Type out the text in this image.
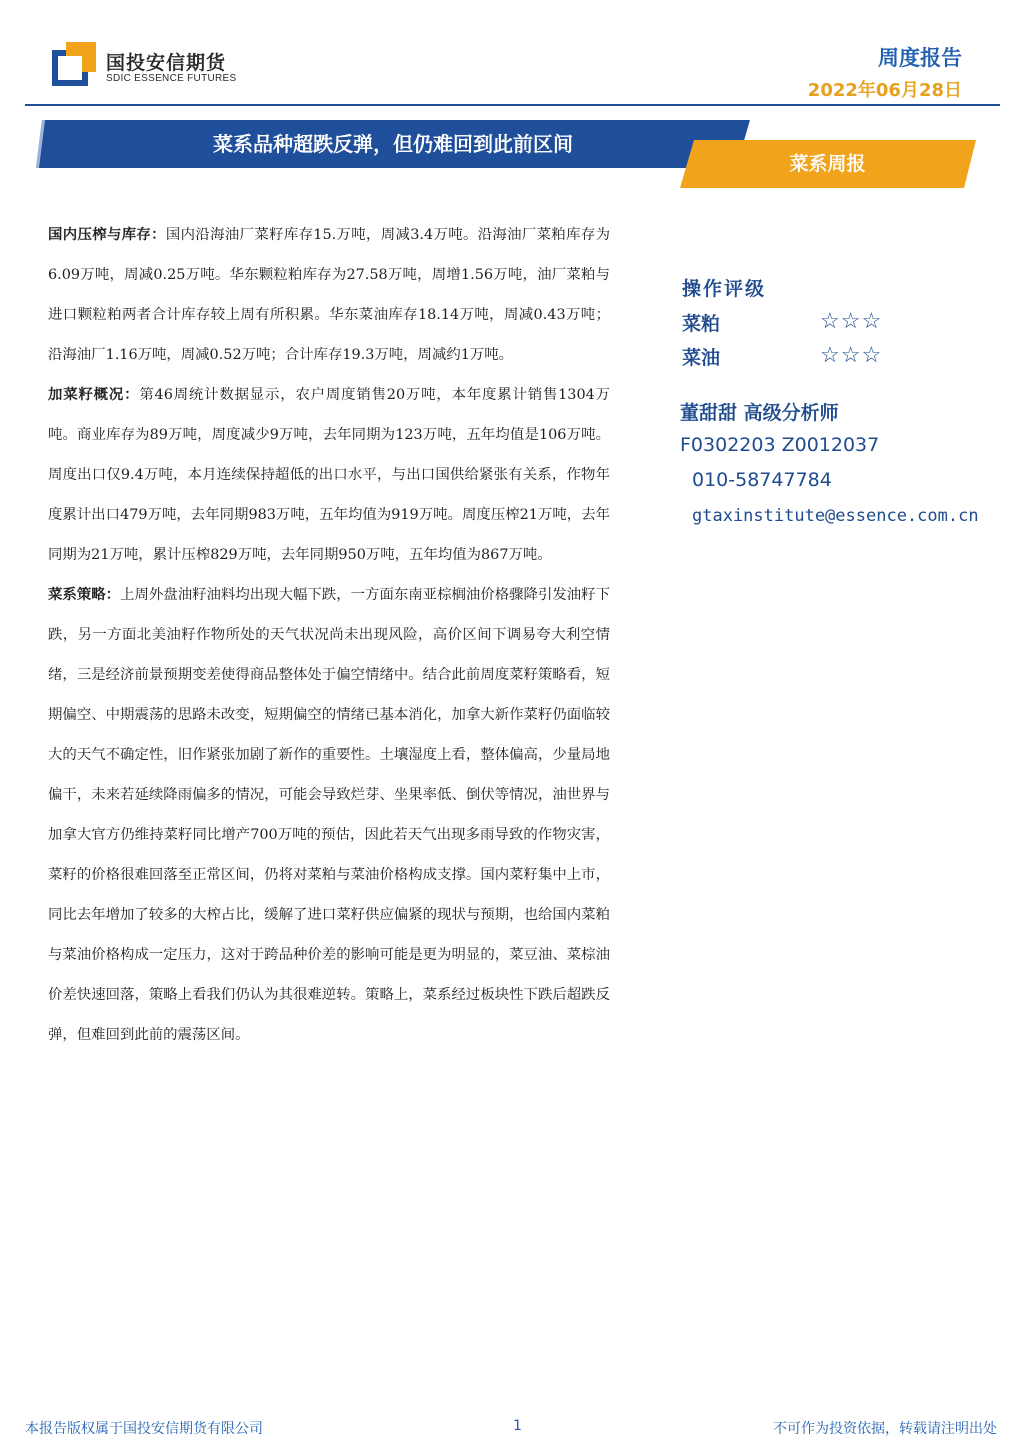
国投安信期货
SDIC ESSENCE FUTURES
周度报告
2022年06月28日
菜系品种超跌反弹，但仍难回到此前区间
菜系周报

国内压榨与库存：国内沿海油厂菜籽库存15.万吨，周减3.4万吨。沿海油厂菜粕库存为6.09万吨，周减0.25万吨。华东颗粒粕库存为27.58万吨，周增1.56万吨，油厂菜粕与进口颗粒粕两者合计库存较上周有所积累。华东菜油库存18.14万吨，周减0.43万吨；沿海油厂1.16万吨，周减0.52万吨；合计库存19.3万吨，周减约1万吨。

加菜籽概况：第46周统计数据显示，农户周度销售20万吨，本年度累计销售1304万吨。商业库存为89万吨，周度减少9万吨，去年同期为123万吨，五年均值是106万吨。周度出口仅9.4万吨，本月连续保持超低的出口水平，与出口国供给紧张有关系，作物年度累计出口479万吨，去年同期983万吨，五年均值为919万吨。周度压榨21万吨，去年同期为21万吨，累计压榨829万吨，去年同期950万吨，五年均值为867万吨。

菜系策略：上周外盘油籽油料均出现大幅下跌，一方面东南亚棕榈油价格骤降引发油籽下跌，另一方面北美油籽作物所处的天气状况尚未出现风险，高价区间下调易夸大利空情绪，三是经济前景预期变差使得商品整体处于偏空情绪中。结合此前周度菜籽策略看，短期偏空、中期震荡的思路未改变，短期偏空的情绪已基本消化，加拿大新作菜籽仍面临较大的天气不确定性，旧作紧张加剧了新作的重要性。土壤湿度上看，整体偏高，少量局地偏干，未来若延续降雨偏多的情况，可能会导致烂芽、坐果率低、倒伏等情况，油世界与加拿大官方仍维持菜籽同比增产700万吨的预估，因此若天气出现多雨导致的作物灾害，菜籽的价格很难回落至正常区间，仍将对菜粕与菜油价格构成支撑。国内菜籽集中上市，同比去年增加了较多的大榨占比，缓解了进口菜籽供应偏紧的现状与预期，也给国内菜粕与菜油价格构成一定压力，这对于跨品种价差的影响可能是更为明显的，菜豆油、菜棕油价差快速回落，策略上看我们仍认为其很难逆转。策略上，菜系经过板块性下跌后超跌反弹，但难回到此前的震荡区间。

操作评级
菜粕	☆☆☆
菜油	☆☆☆
董甜甜 高级分析师
F0302203 Z0012037
010-58747784
gtaxinstitute@essence.com.cn
本报告版权属于国投安信期货有限公司	1	不可作为投资依据，转载请注明出处
